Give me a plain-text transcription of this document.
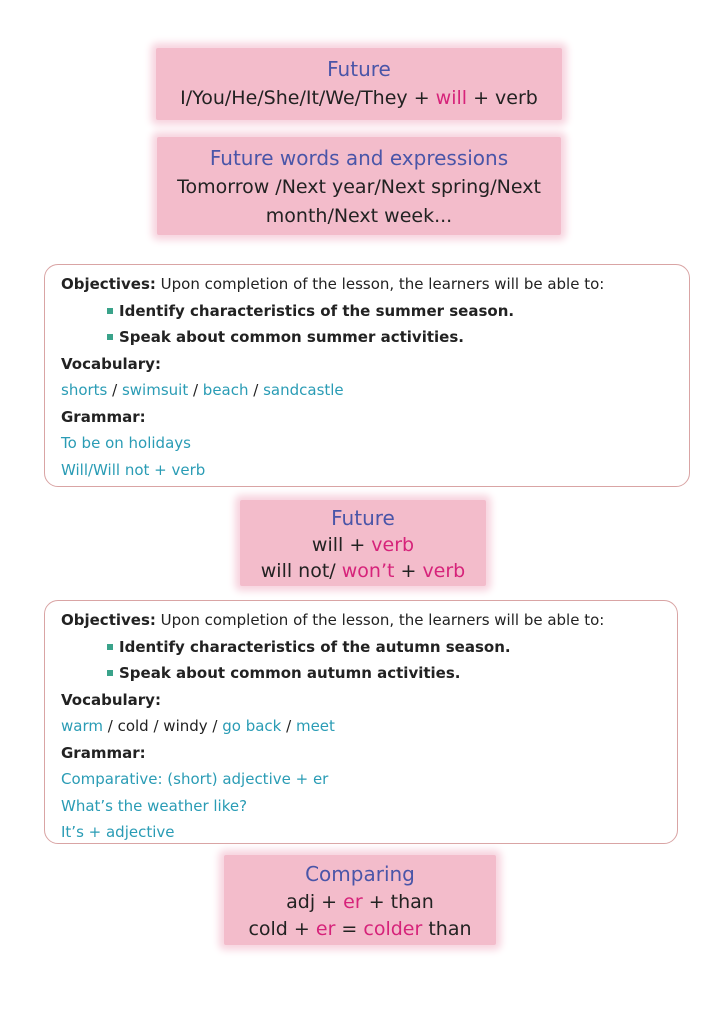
Future
I/You/He/She/It/We/They + will + verb
Future words and expressions
Tomorrow /Next year/Next spring/Next
month/Next week...
Objectives: Upon completion of the lesson, the learners will be able to:
Identify characteristics of the summer season.
Speak about common summer activities.
Vocabulary:
shorts / swimsuit / beach / sandcastle
Grammar:
To be on holidays
Will/Will not + verb
Future
will + verb
will not/ won’t + verb
Objectives: Upon completion of the lesson, the learners will be able to:
Identify characteristics of the autumn season.
Speak about common autumn activities.
Vocabulary:
warm / cold / windy / go back / meet
Grammar:
Comparative: (short) adjective + er
What’s the weather like?
It’s + adjective
Comparing
adj + er + than
cold + er = colder than
